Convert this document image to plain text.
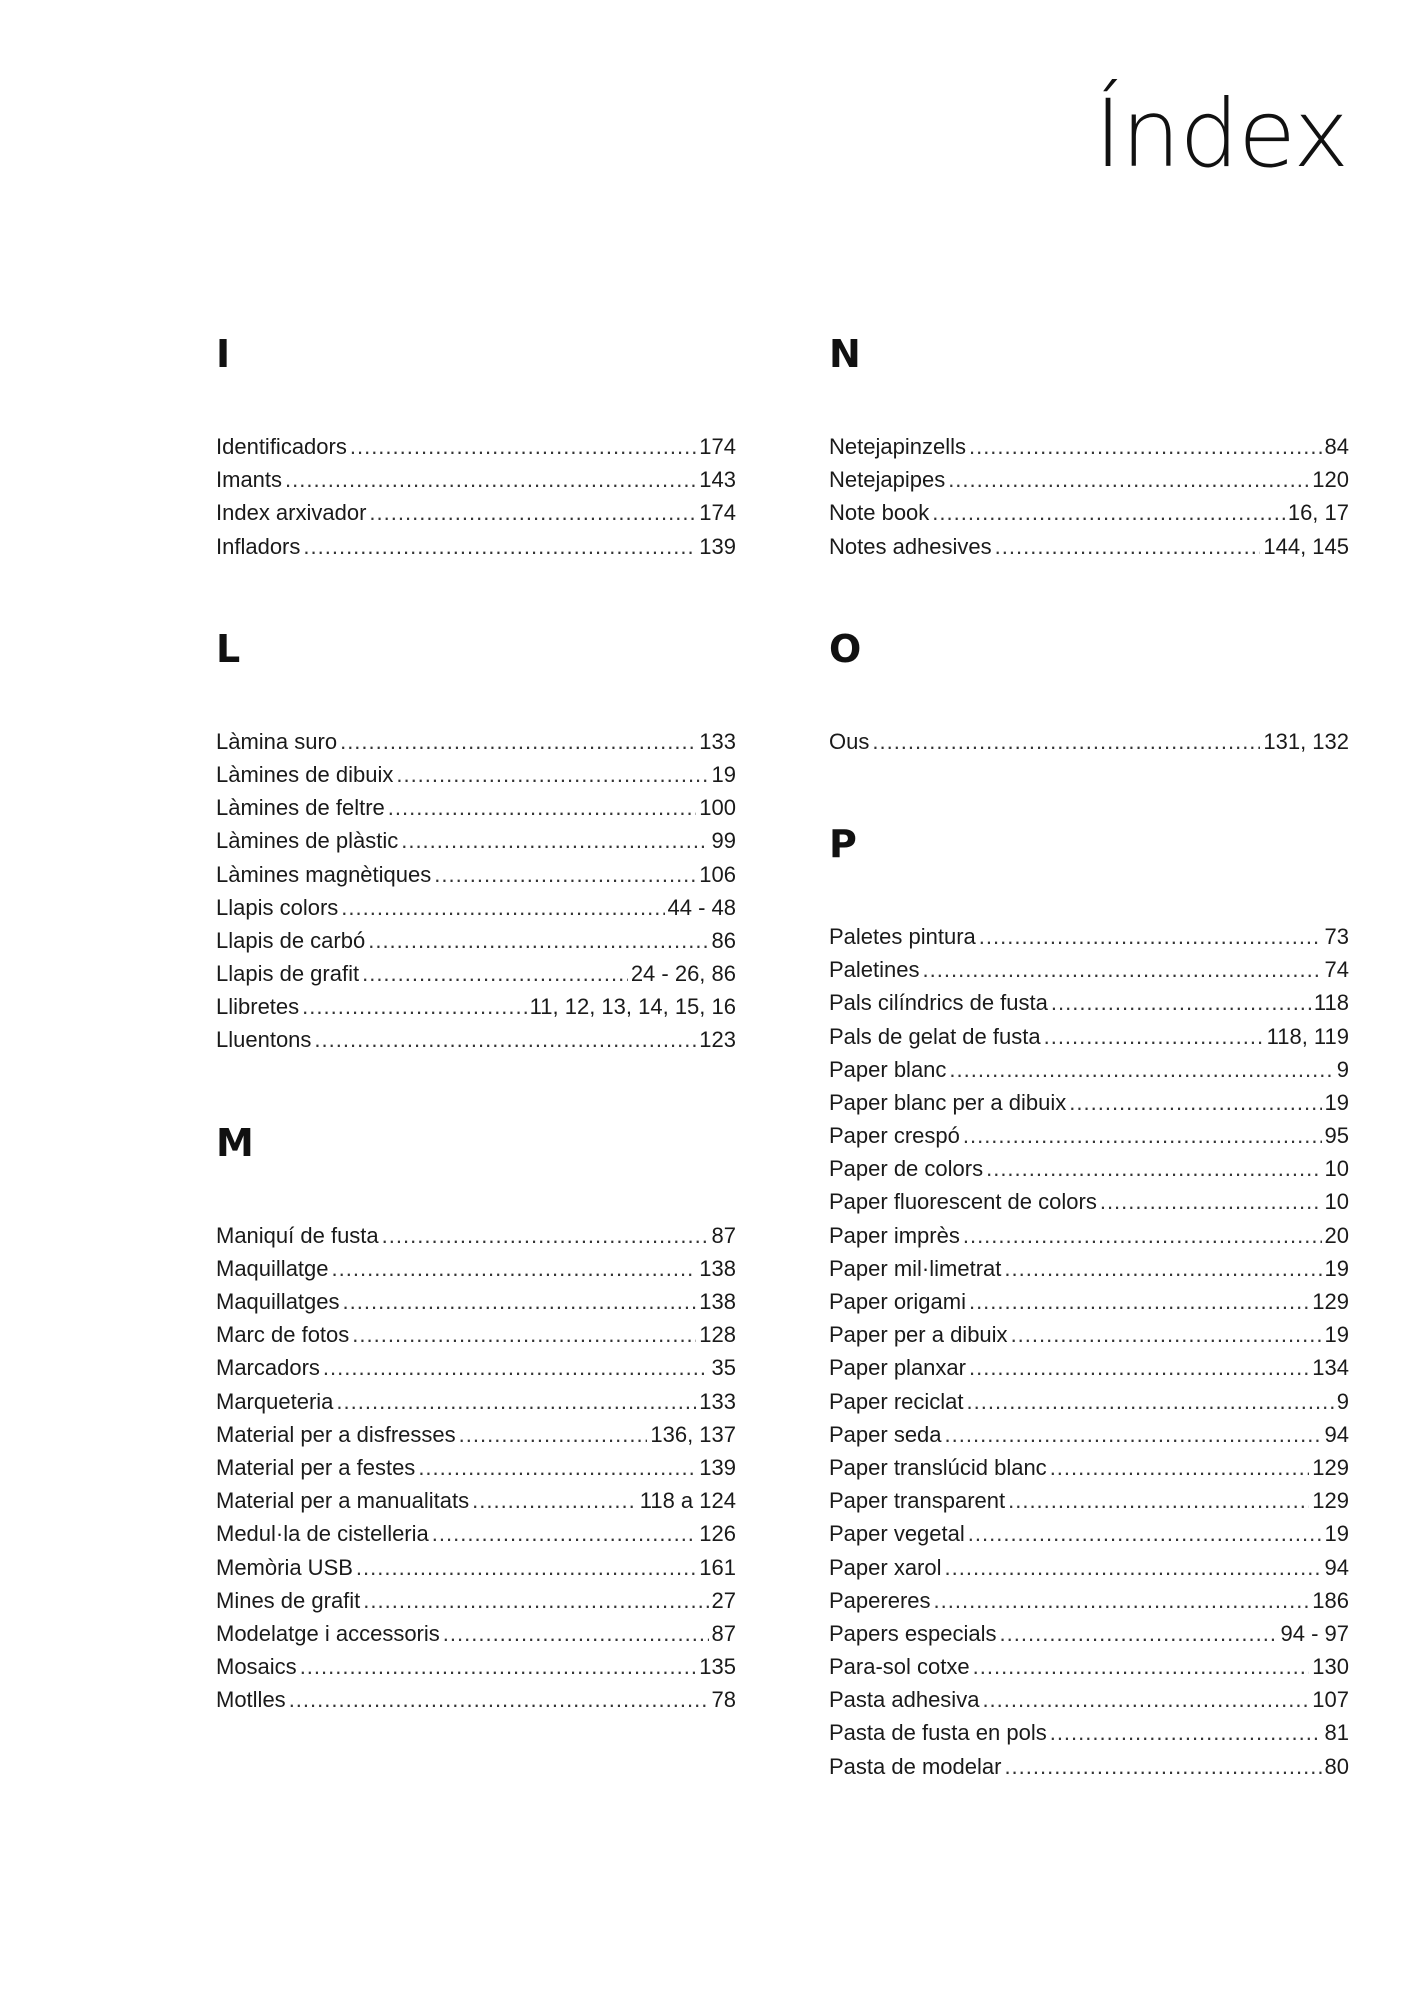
Índex
I
Identificadors .....	174
Imants .....	143
Index arxivador .....	174
Infladors .....	139
L
Làmina suro .....	133
Làmines de dibuix .....	19
Làmines de feltre .....	100
Làmines de plàstic .....	99
Làmines magnètiques .....	106
Llapis colors .....	44 - 48
Llapis de carbó .....	86
Llapis de grafit .....	24 - 26, 86
Llibretes .....	11, 12, 13, 14, 15, 16
Lluentons .....	123
M
Maniquí de fusta .....	87
Maquillatge .....	138
Maquillatges .....	138
Marc de fotos .....	128
Marcadors .....	35
Marqueteria .....	133
Material per a disfresses .....	136, 137
Material per a festes .....	139
Material per a manualitats .....	118 a 124
Medul·la de cistelleria .....	126
Memòria USB .....	161
Mines de grafit .....	27
Modelatge i accessoris .....	87
Mosaics .....	135
Motlles .....	78
N
Netejapinzells .....	84
Netejapipes .....	120
Note book .....	16, 17
Notes adhesives .....	144, 145
O
Ous .....	131, 132
P
Paletes pintura .....	73
Paletines .....	74
Pals cilíndrics de fusta .....	118
Pals de gelat de fusta .....	118, 119
Paper blanc .....	9
Paper blanc per a dibuix .....	19
Paper crespó .....	95
Paper de colors .....	10
Paper fluorescent de colors .....	10
Paper imprès .....	20
Paper mil·limetrat .....	19
Paper origami .....	129
Paper per a dibuix .....	19
Paper planxar .....	134
Paper reciclat .....	9
Paper seda .....	94
Paper translúcid blanc .....	129
Paper transparent .....	129
Paper vegetal .....	19
Paper xarol .....	94
Papereres .....	186
Papers especials .....	94 - 97
Para-sol cotxe .....	130
Pasta adhesiva .....	107
Pasta de fusta en pols .....	81
Pasta de modelar .....	80
